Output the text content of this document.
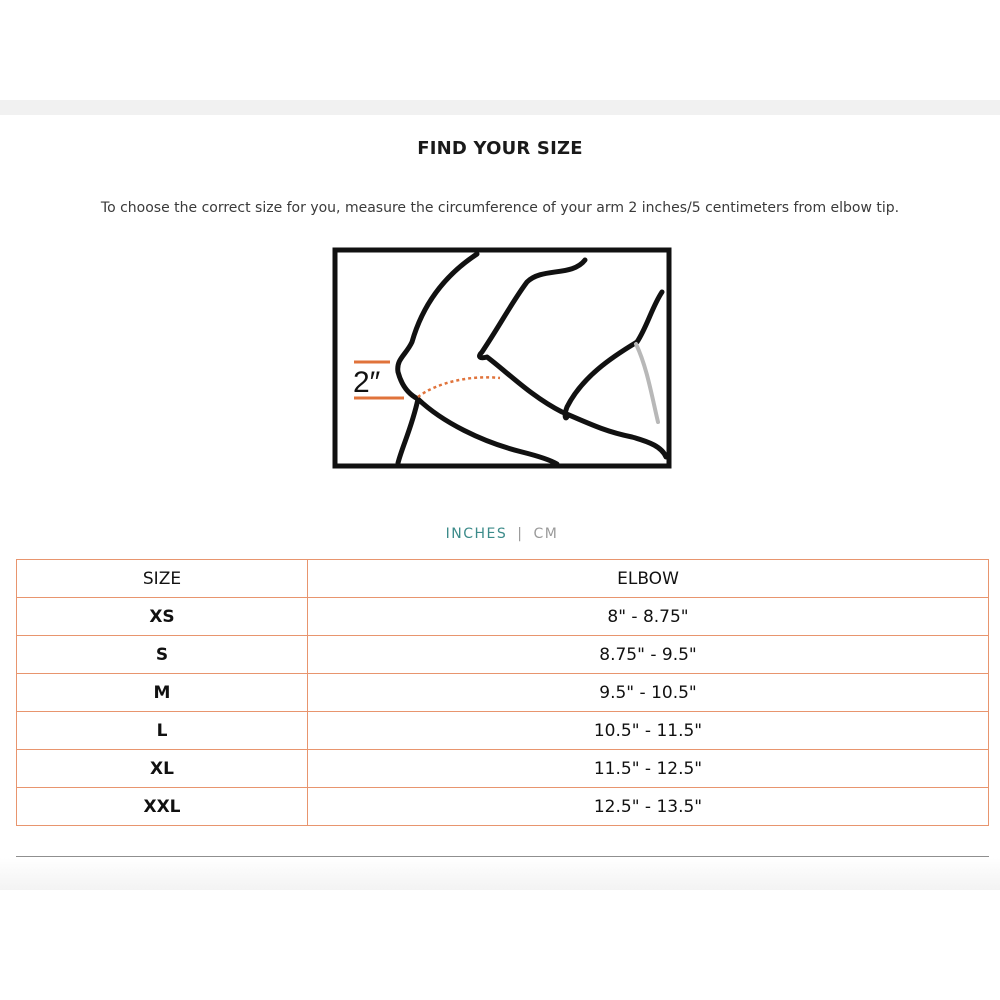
FIND YOUR SIZE
To choose the correct size for you, measure the circumference of your arm 2 inches/5 centimeters from elbow tip.
2″
INCHES | CM
SIZE	ELBOW
XS	8" - 8.75"
S	8.75" - 9.5"
M	9.5" - 10.5"
L	10.5" - 11.5"
XL	11.5" - 12.5"
XXL	12.5" - 13.5"
